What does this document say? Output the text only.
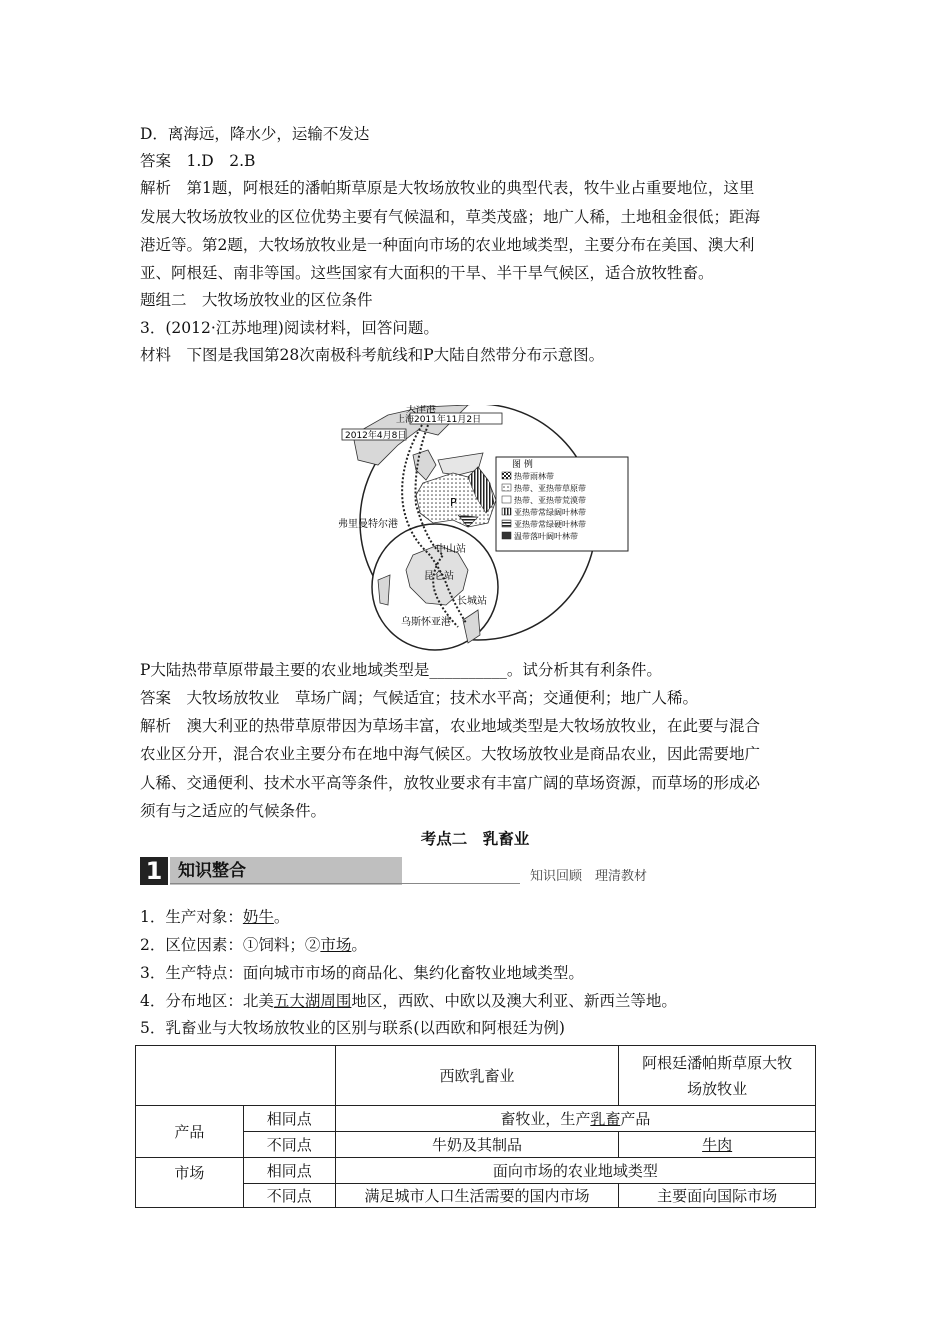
D．离海远，降水少，运输不发达
答案　1.D　2.B
解析　第1题，阿根廷的潘帕斯草原是大牧场放牧业的典型代表，牧牛业占重要地位，这里
发展大牧场放牧业的区位优势主要有气候温和，草类茂盛；地广人稀，土地租金很低；距海
港近等。第2题，大牧场放牧业是一种面向市场的农业地域类型，主要分布在美国、澳大利
亚、阿根廷、南非等国。这些国家有大面积的干旱、半干旱气候区，适合放牧牲畜。
题组二　大牧场放牧业的区位条件
3．(2012·江苏地理)阅读材料，回答问题。
材料　下图是我国第28次南极科考航线和P大陆自然带分布示意图。
天津港
上海 2011年11月2日
2012年4月8日
P
弗里曼特尔港
中山站
昆仑站
长城站
乌斯怀亚港
图 例
热带雨林带
热带、亚热带草原带
热带、亚热带荒漠带
亚热带常绿阔叶林带
亚热带常绿硬叶林带
温带落叶阔叶林带
P大陆热带草原带最主要的农业地域类型是__________。试分析其有利条件。
答案　大牧场放牧业　草场广阔；气候适宜；技术水平高；交通便利；地广人稀。
解析　澳大利亚的热带草原带因为草场丰富，农业地域类型是大牧场放牧业，在此要与混合
农业区分开，混合农业主要分布在地中海气候区。大牧场放牧业是商品农业，因此需要地广
人稀、交通便利、技术水平高等条件，放牧业要求有丰富广阔的草场资源，而草场的形成必
须有与之适应的气候条件。
考点二　乳畜业
1 知识整合	知识回顾　理清教材
1．生产对象：奶牛。
2．区位因素：①饲料；②市场。
3．生产特点：面向城市市场的商品化、集约化畜牧业地域类型。
4．分布地区：北美五大湖周围地区，西欧、中欧以及澳大利亚、新西兰等地。
5．乳畜业与大牧场放牧业的区别与联系(以西欧和阿根廷为例)
		西欧乳畜业	阿根廷潘帕斯草原大牧
场放牧业
产品	相同点	畜牧业，生产乳畜产品	
	不同点	牛奶及其制品	牛肉
市场	相同点	面向市场的农业地域类型	
	不同点	满足城市人口生活需要的国内市场	主要面向国际市场
